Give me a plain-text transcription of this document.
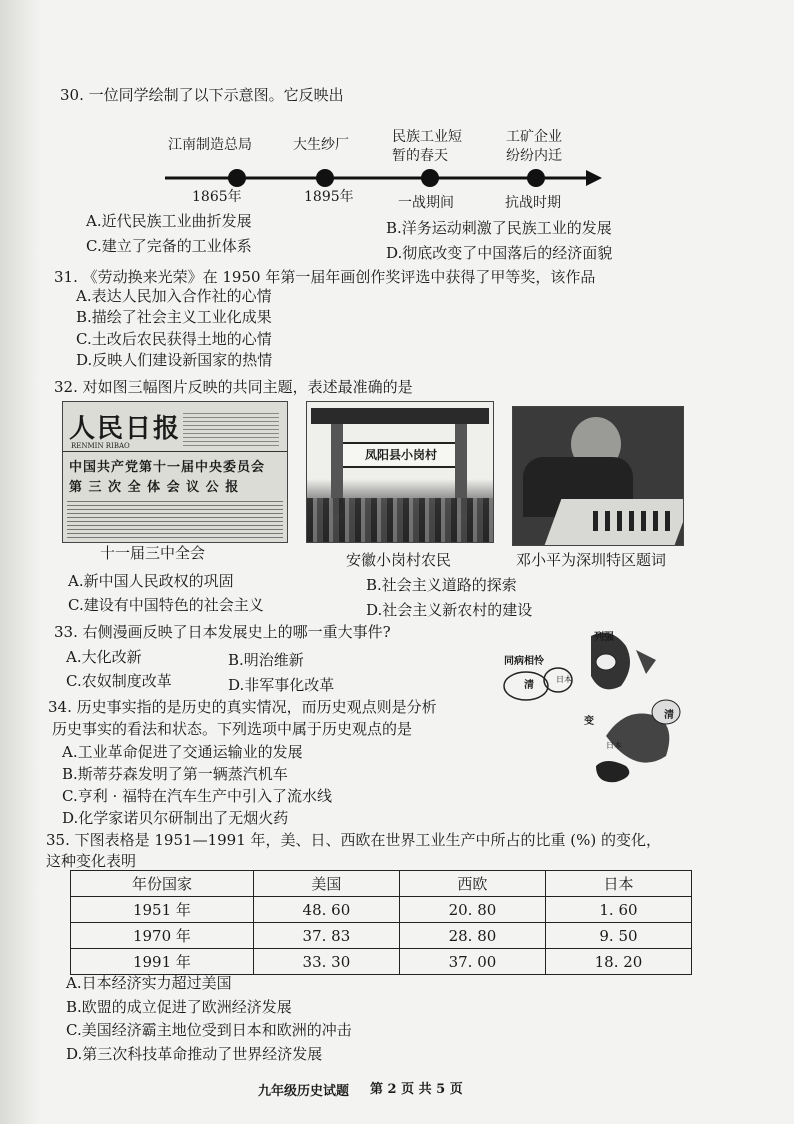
30. 一位同学绘制了以下示意图。它反映出
江南制造总局
1865年
大生纱厂
1895年
民族工业短
暂的春天
一战期间
工矿企业
纷纷内迁
抗战时期
A.近代民族工业曲折发展	B.洋务运动刺激了民族工业的发展
C.建立了完备的工业体系	D.彻底改变了中国落后的经济面貌
31. 《劳动换来光荣》在 1950 年第一届年画创作奖评选中获得了甲等奖，该作品
A.表达人民加入合作社的心情
B.描绘了社会主义工业化成果
C.土改后农民获得土地的心情
D.反映人们建设新国家的热情
32. 对如图三幅图片反映的共同主题，表述最准确的是
人民日报
RENMIN RIBAO
中国共产党第十一届中央委员会
第 三 次 全 体 会 议 公 报
十一届三中全会
凤阳县小岗村
安徽小岗村农民	邓小平为深圳特区题词
A.新中国人民政权的巩固	B.社会主义道路的探索
C.建设有中国特色的社会主义	D.社会主义新农村的建设
33. 右侧漫画反映了日本发展史上的哪一重大事件?
A.大化改新	B.明治维新
C.农奴制度改革	D.非军事化改革
列强
同病相怜
清
日本
变
清
日本
34. 历史事实指的是历史的真实情况，而历史观点则是分析
历史事实的看法和状态。下列选项中属于历史观点的是
A.工业革命促进了交通运输业的发展
B.斯蒂芬森发明了第一辆蒸汽机车
C.亨利 · 福特在汽车生产中引入了流水线
D.化学家诺贝尔研制出了无烟火药
35. 下图表格是 1951—1991 年，美、日、西欧在世界工业生产中所占的比重 (%) 的变化，
这种变化表明
年份国家	美国	西欧	日本
1951 年	48. 60	20. 80	1. 60
1970 年	37. 83	28. 80	9. 50
1991 年	33. 30	37. 00	18. 20
A.日本经济实力超过美国
B.欧盟的成立促进了欧洲经济发展
C.美国经济霸主地位受到日本和欧洲的冲击
D.第三次科技革命推动了世界经济发展
九年级历史试题 第 2 页 共 5 页
